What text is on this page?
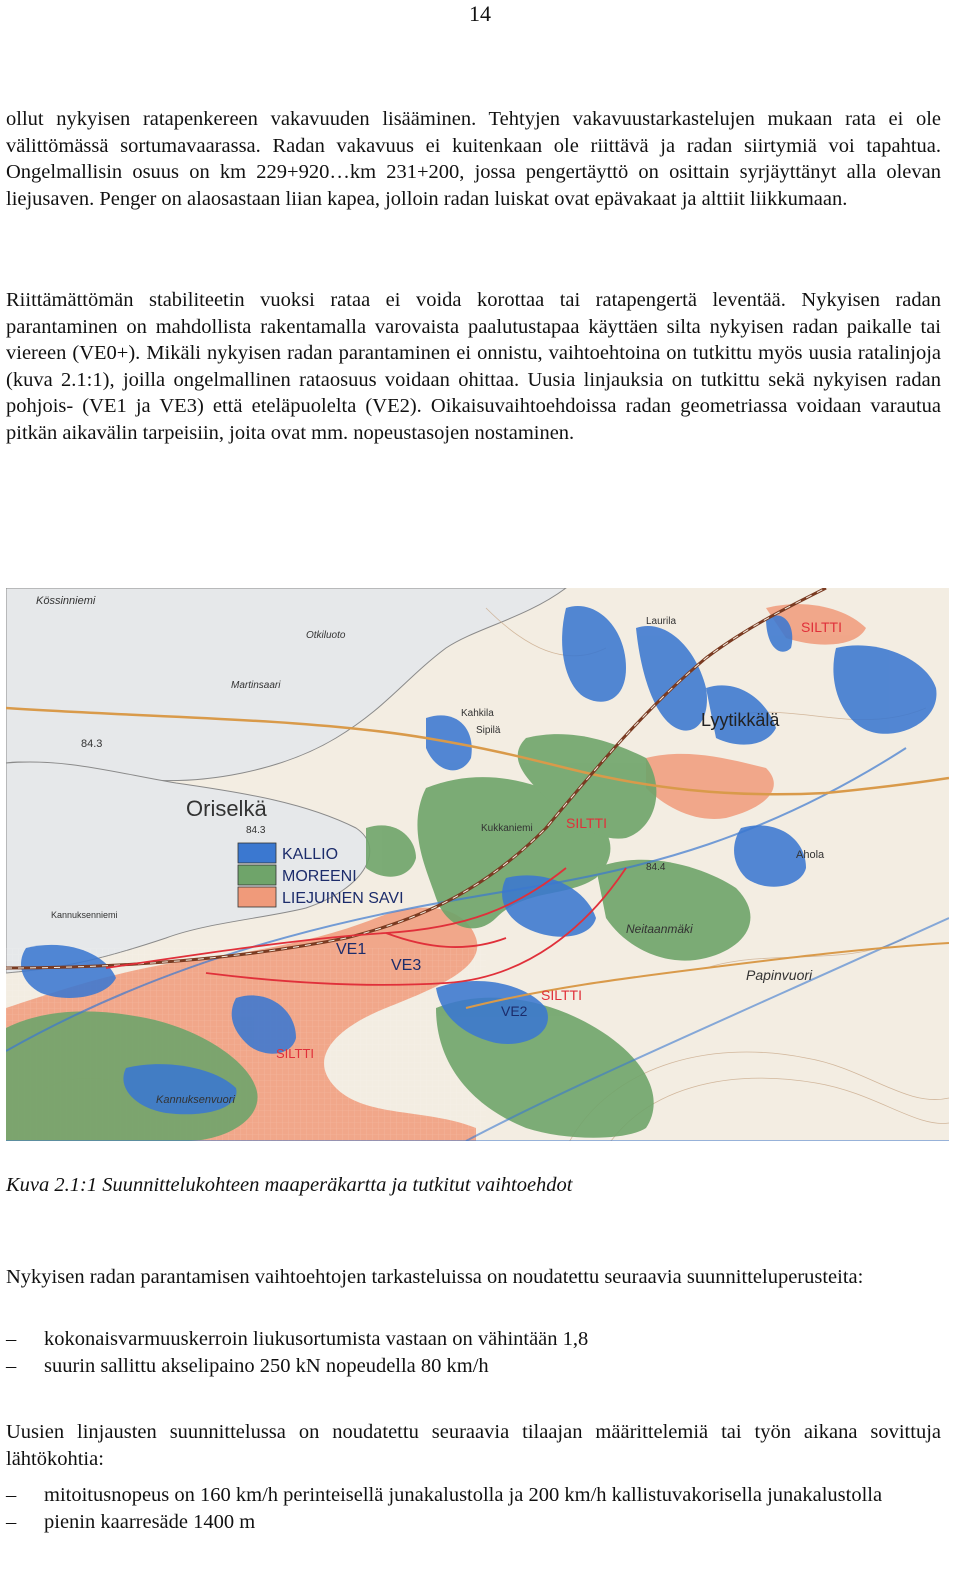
14

ollut nykyisen ratapenkereen vakavuuden lisääminen. Tehtyjen vakavuustarkastelujen mukaan rata ei ole välittömässä sortumavaarassa. Radan vakavuus ei kuitenkaan ole riittävä ja radan siirtymiä voi tapahtua. Ongelmallisin osuus on km 229+920…km 231+200, jossa pengertäyttö on osittain syrjäyttänyt alla olevan liejusaven. Penger on alaosastaan liian kapea, jolloin radan luiskat ovat epävakaat ja alttiit liikkumaan.

Riittämättömän stabiliteetin vuoksi rataa ei voida korottaa tai ratapengertä leventää. Nykyisen radan parantaminen on mahdollista rakentamalla varovaista paalutustapaa käyttäen silta nykyisen radan paikalle tai viereen (VE0+). Mikäli nykyisen radan parantaminen ei onnistu, vaihtoehtoina on tutkittu myös uusia ratalinjoja (kuva 2.1:1), joilla ongelmallinen rataosuus voidaan ohittaa. Uusia linjauksia on tutkittu sekä nykyisen radan pohjois- (VE1 ja VE3) että eteläpuolelta (VE2). Oikaisuvaihtoehdoissa radan geometriassa voidaan varautua pitkän aikavälin tarpeisiin, joita ovat mm. nopeustasojen nostaminen.

KALLIO
MOREENI
LIEJUINEN SAVI
Oriselkä
Lyytikkälä
VE1
VE3
VE2
SILTTI
SILTTI
SILTTI
SILTTI
84.3
84.3
84.4
Kössinniemi
Martinsaari
Otkiluoto
Kahkila
Sipilä
Kukkaniemi
Neitaanmäki
Papinvuori
Kannuksenniemi
Kannuksenvuori
Ahola
Laurila

Kuva 2.1:1 Suunnittelukohteen maaperäkartta ja tutkitut vaihtoehdot

Nykyisen radan parantamisen vaihtoehtojen tarkasteluissa on noudatettu seuraavia suunnitteluperusteita:

– kokonaisvarmuuskerroin liukusortumista vastaan on vähintään 1,8
– suurin sallittu akselipaino 250 kN nopeudella 80 km/h

Uusien linjausten suunnittelussa on noudatettu seuraavia tilaajan määrittelemiä tai työn aikana sovittuja lähtökohtia:

– mitoitusnopeus on 160 km/h perinteisellä junakalustolla ja 200 km/h kallistuvakorisella junakalustolla
– pienin kaarresäde 1400 m
